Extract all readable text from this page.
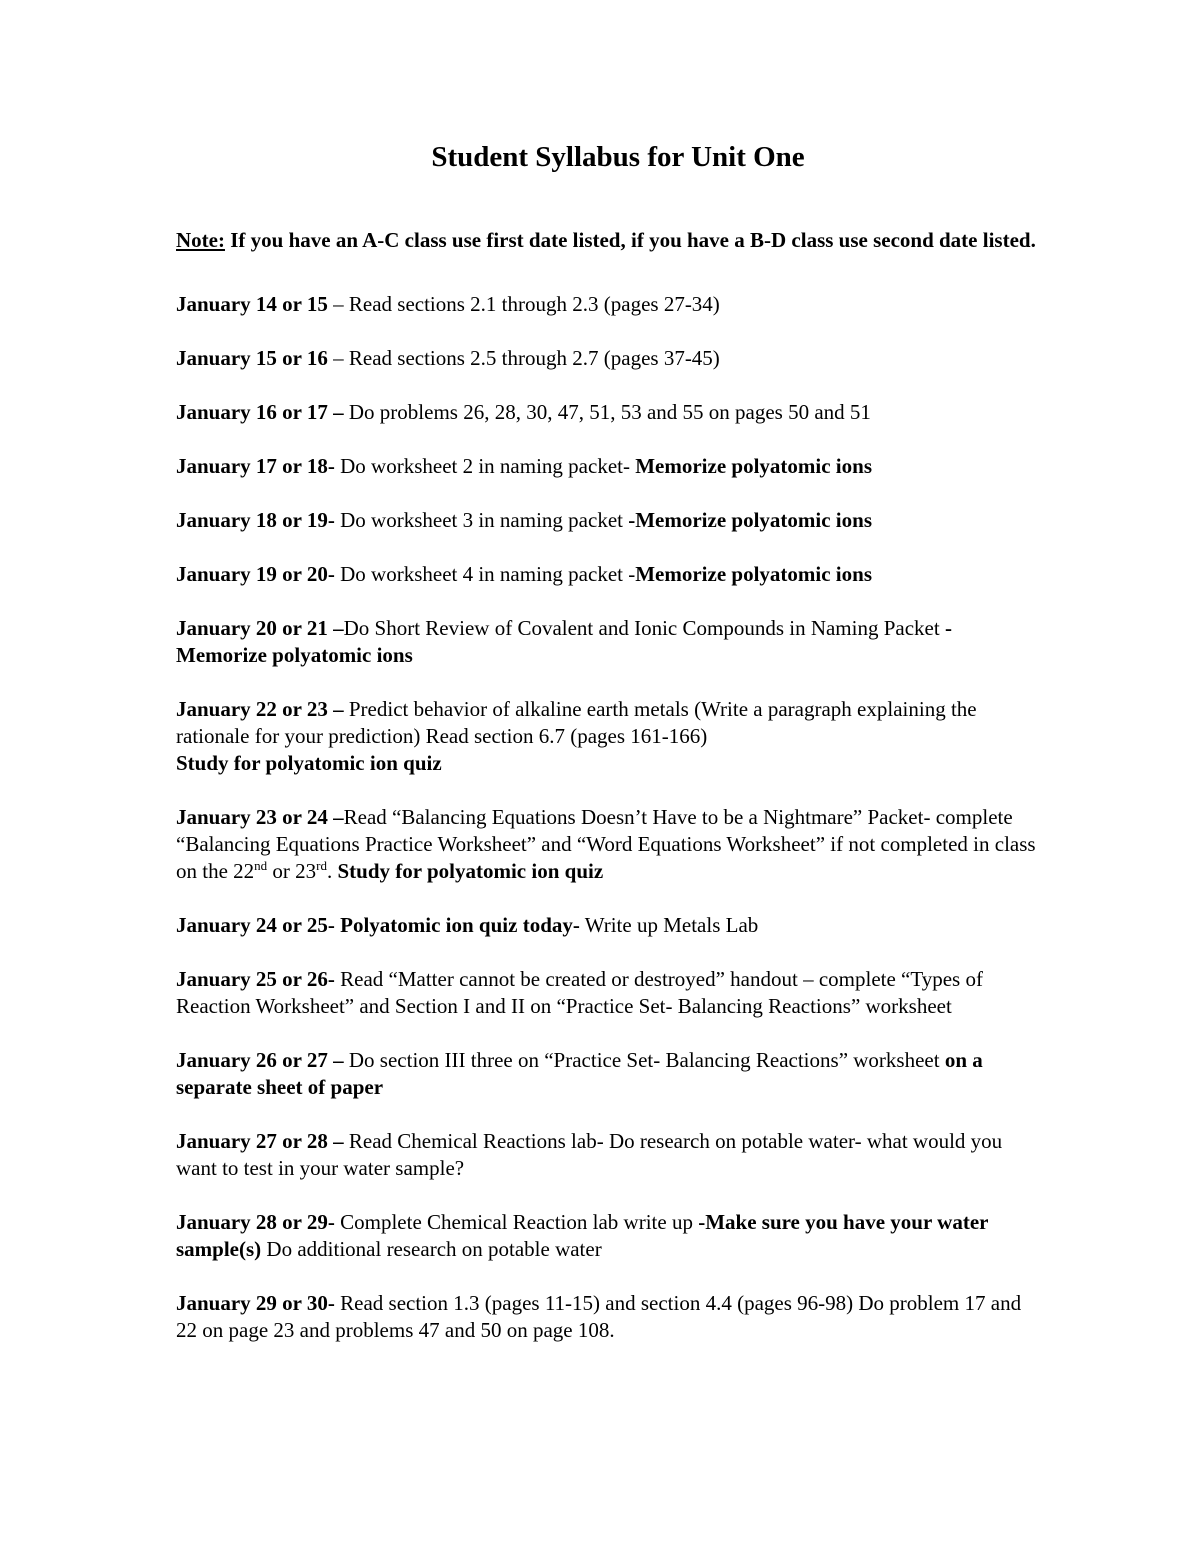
Student Syllabus for Unit One

Note: If you have an A-C class use first date listed, if you have a B-D class use second date listed.

January 14 or 15 – Read sections 2.1 through 2.3 (pages 27-34)

January 15 or 16 – Read sections 2.5 through 2.7 (pages 37-45)

January 16 or 17 – Do problems 26, 28, 30, 47, 51, 53 and 55 on pages 50 and 51

January 17 or 18- Do worksheet 2 in naming packet- Memorize polyatomic ions

January 18 or 19- Do worksheet 3 in naming packet -Memorize polyatomic ions

January 19 or 20- Do worksheet 4 in naming packet -Memorize polyatomic ions

January 20 or 21 –Do Short Review of Covalent and Ionic Compounds in Naming Packet -Memorize polyatomic ions

January 22 or 23 – Predict behavior of alkaline earth metals (Write a paragraph explaining the rationale for your prediction) Read section 6.7 (pages 161-166)
Study for polyatomic ion quiz

January 23 or 24 –Read “Balancing Equations Doesn’t Have to be a Nightmare” Packet- complete “Balancing Equations Practice Worksheet” and “Word Equations Worksheet” if not completed in class on the 22nd or 23rd. Study for polyatomic ion quiz

January 24 or 25- Polyatomic ion quiz today- Write up Metals Lab

January 25 or 26- Read “Matter cannot be created or destroyed” handout – complete “Types of Reaction Worksheet” and Section I and II on “Practice Set- Balancing Reactions” worksheet

January 26 or 27 – Do section III three on “Practice Set- Balancing Reactions” worksheet on a separate sheet of paper

January 27 or 28 – Read Chemical Reactions lab- Do research on potable water- what would you want to test in your water sample?

January 28 or 29- Complete Chemical Reaction lab write up -Make sure you have your water sample(s) Do additional research on potable water

January 29 or 30- Read section 1.3 (pages 11-15) and section 4.4 (pages 96-98) Do problem 17 and 22 on page 23 and problems 47 and 50 on page 108.
